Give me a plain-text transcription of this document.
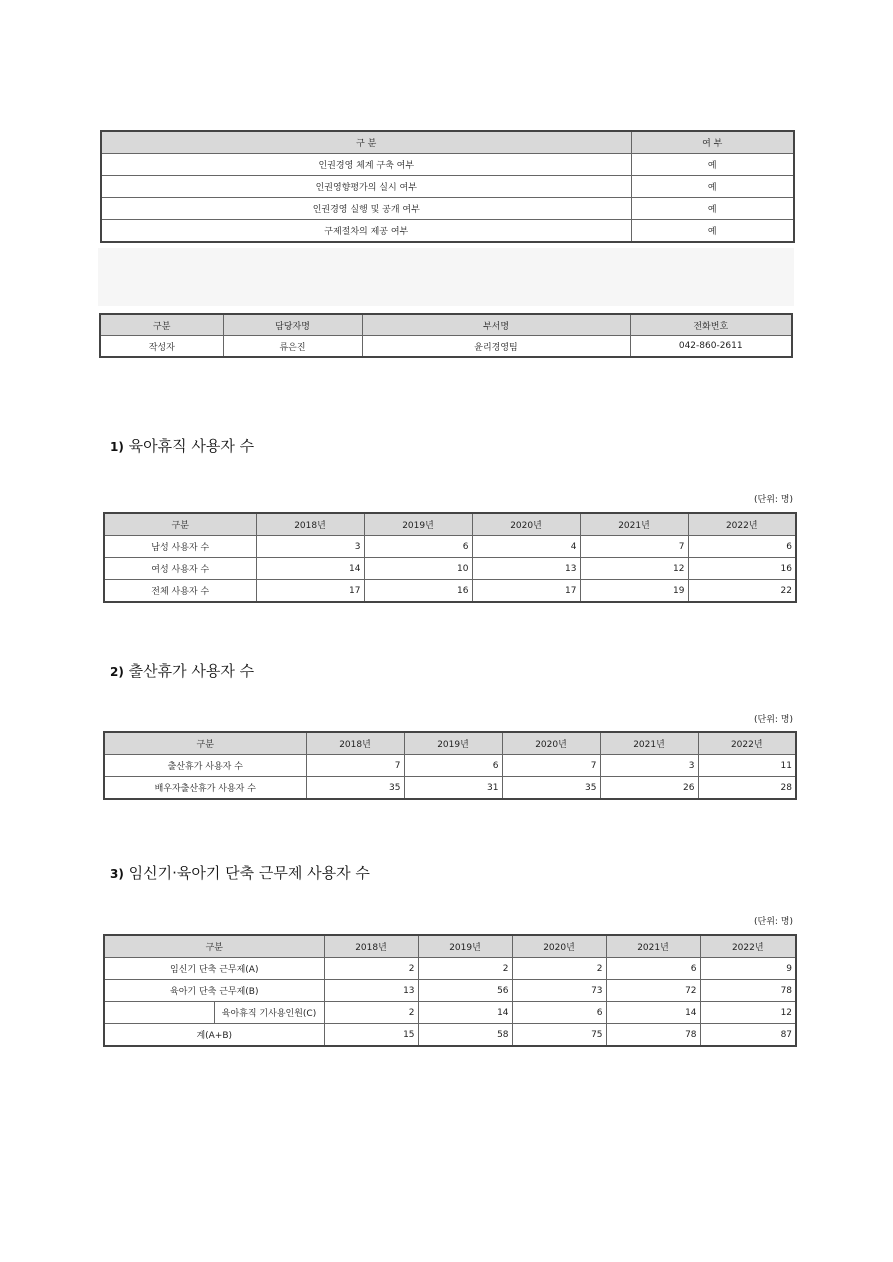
구 분	여 부
인권경영 체계 구축 여부	예
인권영향평가의 실시 여부	예
인권경영 실행 및 공개 여부	예
구제절차의 제공 여부	예
구분	담당자명	부서명	전화번호
작성자	류은진	윤리경영팀	042-860-2611
1) 육아휴직 사용자 수
(단위: 명)
구분	2018년	2019년	2020년	2021년	2022년
남성 사용자 수	3	6	4	7	6
여성 사용자 수	14	10	13	12	16
전체 사용자 수	17	16	17	19	22
2) 출산휴가 사용자 수
(단위: 명)
구분	2018년	2019년	2020년	2021년	2022년
출산휴가 사용자 수	7	6	7	3	11
배우자출산휴가 사용자 수	35	31	35	26	28
3) 임신기·육아기 단축 근무제 사용자 수
(단위: 명)
구분		2018년	2019년	2020년	2021년	2022년
임신기 단축 근무제(A)		2	2	2	6	9
육아기 단축 근무제(B)		13	56	73	72	78
	육아휴직 기사용인원(C)	2	14	6	14	12
계(A+B)		15	58	75	78	87
